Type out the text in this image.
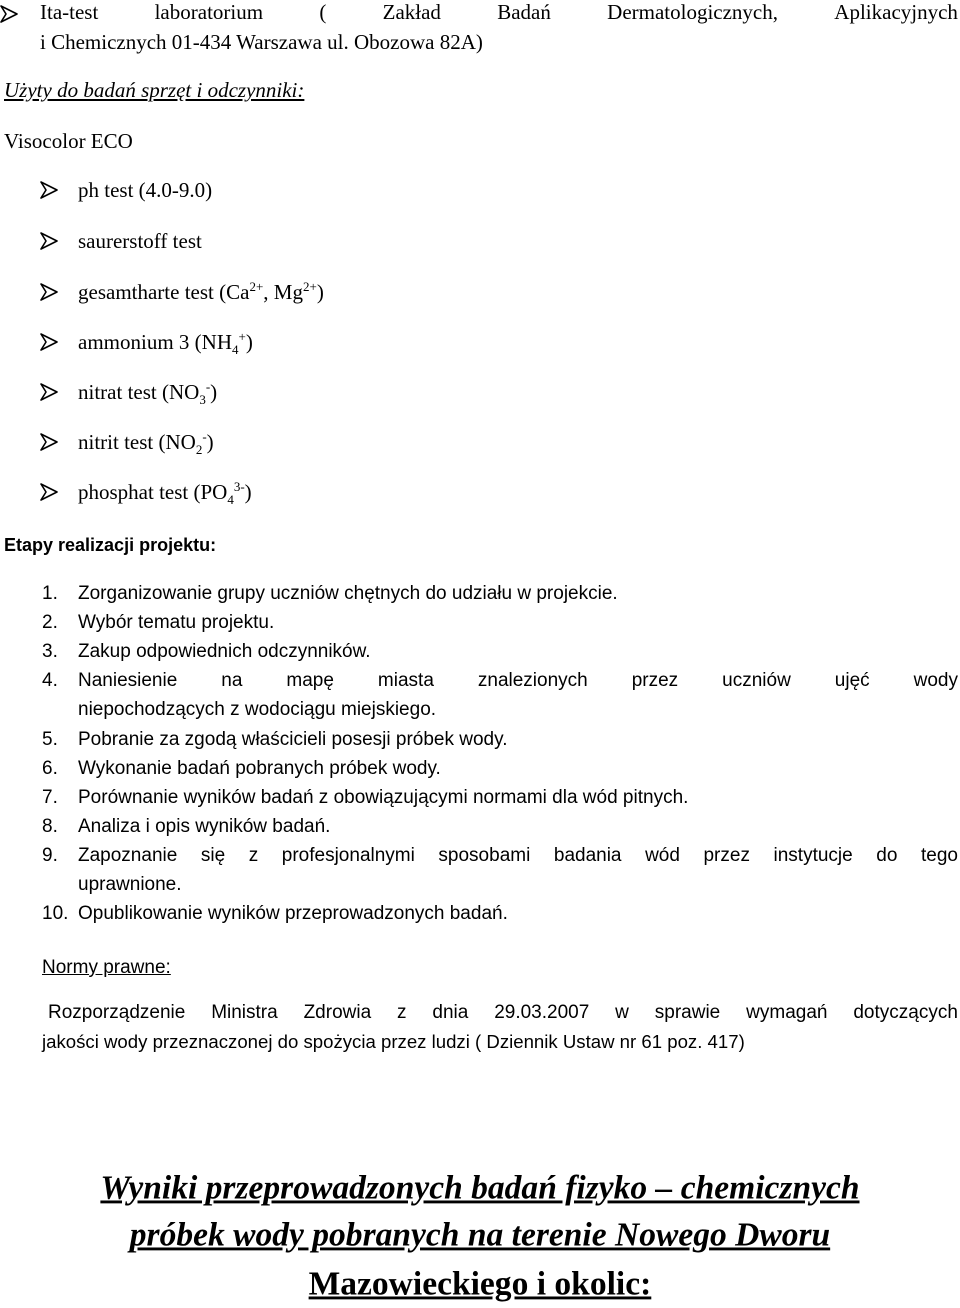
Ita-test	laboratorium	(	Zakład	Badań	Dermatologicznych,	Aplikacyjnych
i Chemicznych 01-434 Warszawa ul. Obozowa 82A)
Użyty do badań sprzęt i odczynniki:
Visocolor ECO
ph test (4.0-9.0)
saurerstoff test
gesamtharte test ($Ca^{2+}$, $Mg^{2+}$)
ammonium 3 $(NH_4^+)$
nitrat test $(NO_3^-)$
nitrit test $(NO_2^-)$
phosphat test $(PO_4^{3-})$
Etapy realizacji projektu:
1. Zorganizowanie grupy uczniów chętnych do udziału w projekcie.
2. Wybór tematu projektu.
3. Zakup odpowiednich odczynników.
4.	Naniesienie na mapę miasta znalezionych przez uczniów ujęć wody
niepochodzących z wodociągu miejskiego.
5. Pobranie za zgodą właścicieli posesji próbek wody.
6. Wykonanie badań pobranych próbek wody.
7. Porównanie wyników badań z obowiązującymi normami dla wód pitnych.
8. Analiza i opis wyników badań.
9.	Zapoznanie się z profesjonalnymi sposobami badania wód przez instytucje do tego
uprawnione.
10. Opublikowanie wyników przeprowadzonych badań.
Normy prawne:
Rozporządzenie Ministra Zdrowia z dnia 29.03.2007 w sprawie wymagań dotyczących
jakości wody przeznaczonej do spożycia przez ludzi ( Dziennik Ustaw nr 61 poz. 417)
Wyniki przeprowadzonych badań fizyko – chemicznych
próbek wody pobranych na terenie Nowego Dworu
Mazowieckiego i okolic:
